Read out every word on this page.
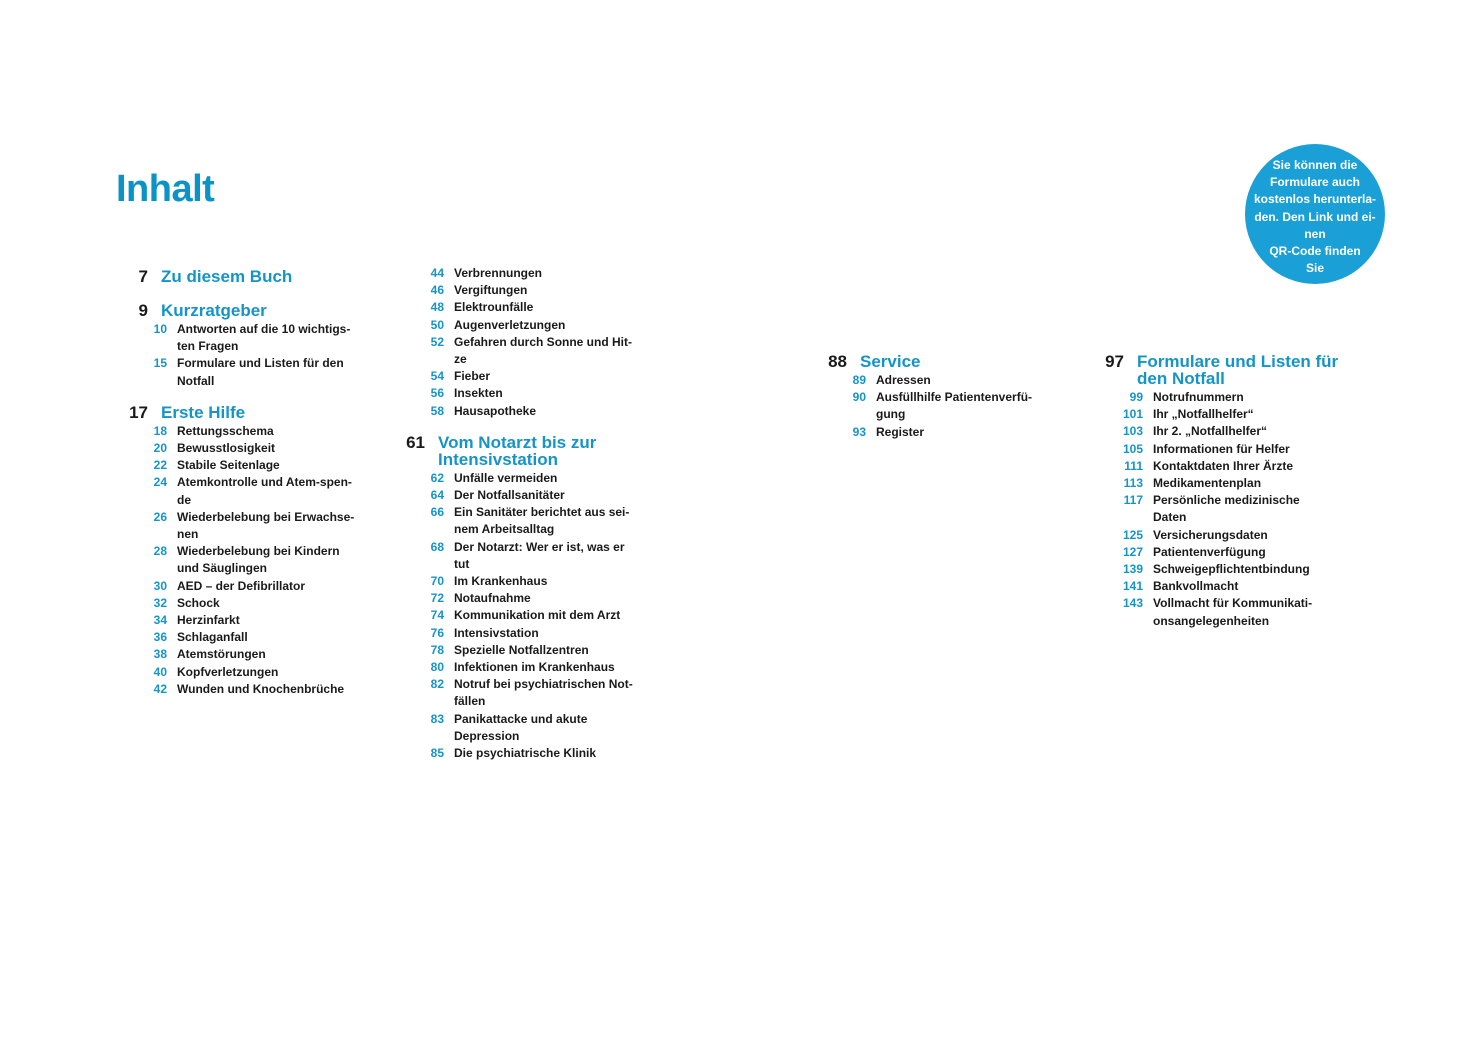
Inhalt
Sie können die
Formulare auch
kostenlos herunterla-
den. Den Link und ei-
nen
QR-Code finden
Sie
7 Zu diesem Buch
9 Kurzratgeber
10 Antworten auf die 10 wichtigs-
ten Fragen
15 Formulare und Listen für den
Notfall
17 Erste Hilfe
18 Rettungsschema
20 Bewusstlosigkeit
22 Stabile Seitenlage
24 Atemkontrolle und Atem-spen-
de
26 Wiederbelebung bei Erwachse-
nen
28 Wiederbelebung bei Kindern
und Säuglingen
30 AED – der Defibrillator
32 Schock
34 Herzinfarkt
36 Schlaganfall
38 Atemstörungen
40 Kopfverletzungen
42 Wunden und Knochenbrüche
44 Verbrennungen
46 Vergiftungen
48 Elektrounfälle
50 Augenverletzungen
52 Gefahren durch Sonne und Hit-
ze
54 Fieber
56 Insekten
58 Hausapotheke
61 Vom Notarzt bis zur
Intensivstation
62 Unfälle vermeiden
64 Der Notfallsanitäter
66 Ein Sanitäter berichtet aus sei-
nem Arbeitsalltag
68 Der Notarzt: Wer er ist, was er
tut
70 Im Krankenhaus
72 Notaufnahme
74 Kommunikation mit dem Arzt
76 Intensivstation
78 Spezielle Notfallzentren
80 Infektionen im Krankenhaus
82 Notruf bei psychiatrischen Not-
fällen
83 Panikattacke und akute
Depression
85 Die psychiatrische Klinik
88 Service
89 Adressen
90 Ausfüllhilfe Patientenverfü-
gung
93 Register
97 Formulare und Listen für
den Notfall
99 Notrufnummern
101 Ihr „Notfallhelfer“
103 Ihr 2. „Notfallhelfer“
105 Informationen für Helfer
111 Kontaktdaten Ihrer Ärzte
113 Medikamentenplan
117 Persönliche medizinische
Daten
125 Versicherungsdaten
127 Patientenverfügung
139 Schweigepflichtentbindung
141 Bankvollmacht
143 Vollmacht für Kommunikati-
onsangelegenheiten
